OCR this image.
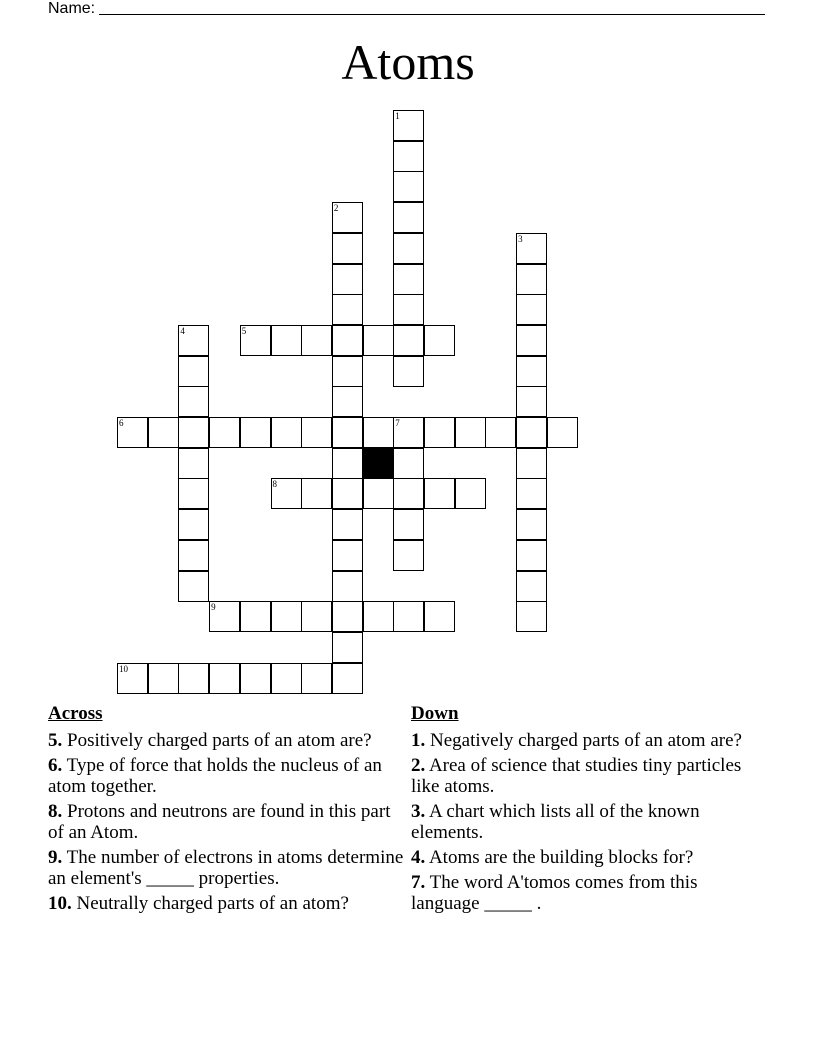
Name:
Atoms
5
6	7
8
9
10
1
2
3
4
Across
5. Positively charged parts of an atom are?
6. Type of force that holds the nucleus of an atom together.
8. Protons and neutrons are found in this part of an Atom.
9. The number of electrons in atoms determine an element's _____ properties.
10. Neutrally charged parts of an atom?
Down
1. Negatively charged parts of an atom are?
2. Area of science that studies tiny particles like atoms.
3. A chart which lists all of the known elements.
4. Atoms are the building blocks for?
7. The word A'tomos comes from this language _____ .
